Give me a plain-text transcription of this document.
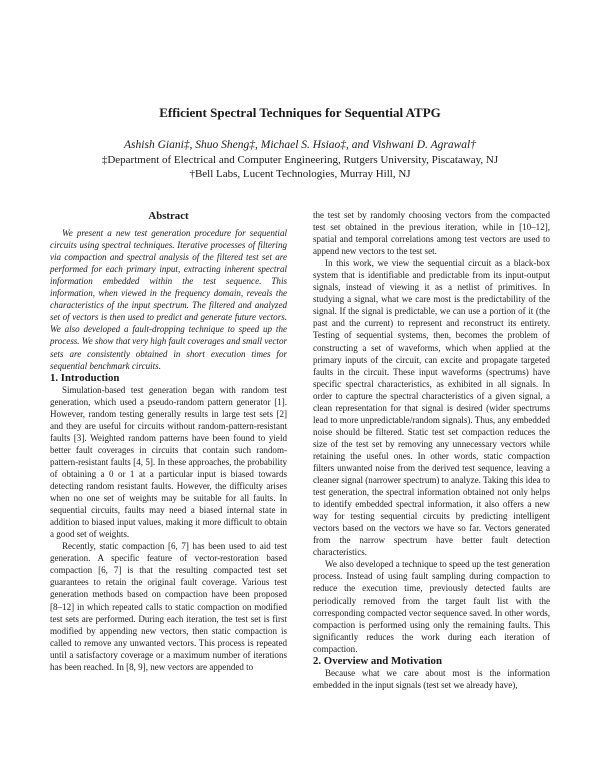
Efficient Spectral Techniques for Sequential ATPG
Ashish Giani‡, Shuo Sheng‡, Michael S. Hsiao‡, and Vishwani D. Agrawal†
‡Department of Electrical and Computer Engineering, Rutgers University, Piscataway, NJ
†Bell Labs, Lucent Technologies, Murray Hill, NJ
Abstract

We present a new test generation procedure for sequential circuits using spectral techniques. Iterative processes of filtering via compaction and spectral analysis of the filtered test set are performed for each primary input, extracting inherent spectral information embedded within the test sequence. This information, when viewed in the frequency domain, reveals the characteristics of the input spectrum. The filtered and analyzed set of vectors is then used to predict and generate future vectors. We also developed a fault-dropping technique to speed up the process. We show that very high fault coverages and small vector sets are consistently obtained in short execution times for sequential benchmark circuits.

1. Introduction

Simulation-based test generation began with random test generation, which used a pseudo-random pattern generator [1]. However, random testing generally results in large test sets [2] and they are useful for circuits without random-pattern-resistant faults [3]. Weighted random patterns have been found to yield better fault coverages in circuits that contain such random-pattern-resistant faults [4, 5]. In these approaches, the probability of obtaining a 0 or 1 at a particular input is biased towards detecting random resistant faults. However, the difficulty arises when no one set of weights may be suitable for all faults. In sequential circuits, faults may need a biased internal state in addition to biased input values, making it more difficult to obtain a good set of weights.

Recently, static compaction [6, 7] has been used to aid test generation. A specific feature of vector-restoration based compaction [6, 7] is that the resulting compacted test set guarantees to retain the original fault coverage. Various test generation methods based on compaction have been proposed [8–12] in which repeated calls to static compaction on modified test sets are performed. During each iteration, the test set is first modified by appending new vectors, then static compaction is called to remove any unwanted vectors. This process is repeated until a satisfactory coverage or a maximum number of iterations has been reached. In [8, 9], new vectors are appended to

the test set by randomly choosing vectors from the compacted test set obtained in the previous iteration, while in [10–12], spatial and temporal correlations among test vectors are used to append new vectors to the test set.

In this work, we view the sequential circuit as a black-box system that is identifiable and predictable from its input-output signals, instead of viewing it as a netlist of primitives. In studying a signal, what we care most is the predictability of the signal. If the signal is predictable, we can use a portion of it (the past and the current) to represent and reconstruct its entirety. Testing of sequential systems, then, becomes the problem of constructing a set of waveforms, which when applied at the primary inputs of the circuit, can excite and propagate targeted faults in the circuit. These input waveforms (spectrums) have specific spectral characteristics, as exhibited in all signals. In order to capture the spectral characteristics of a given signal, a clean representation for that signal is desired (wider spectrums lead to more unpredictable/random signals). Thus, any embedded noise should be filtered. Static test set compaction reduces the size of the test set by removing any unnecessary vectors while retaining the useful ones. In other words, static compaction filters unwanted noise from the derived test sequence, leaving a cleaner signal (narrower spectrum) to analyze. Taking this idea to test generation, the spectral information obtained not only helps to identify embedded spectral information, it also offers a new way for testing sequential circuits by predicting intelligent vectors based on the vectors we have so far. Vectors generated from the narrow spectrum have better fault detection characteristics.

We also developed a technique to speed up the test generation process. Instead of using fault sampling during compaction to reduce the execution time, previously detected faults are periodically removed from the target fault list with the corresponding compacted vector sequence saved. In other words, compaction is performed using only the remaining faults. This significantly reduces the work during each iteration of compaction.

2. Overview and Motivation

Because what we care about most is the information embedded in the input signals (test set we already have),
